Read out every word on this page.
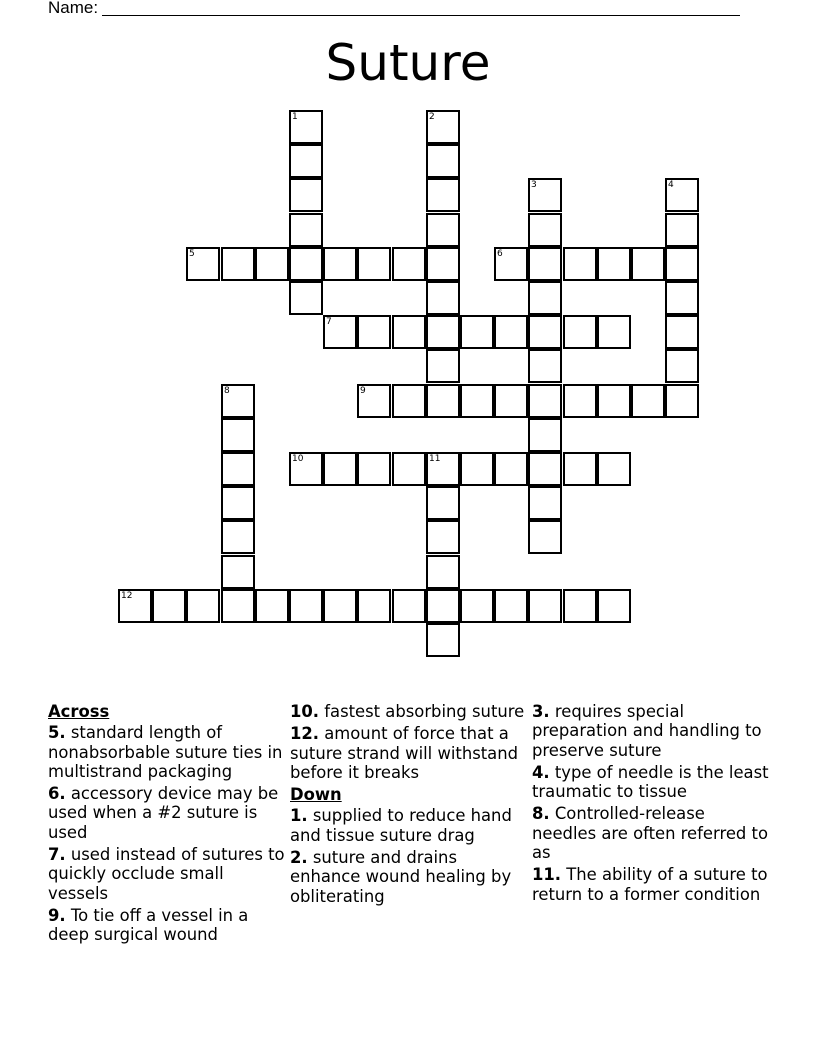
Name:
Suture
5	6
7
9
10	11
12
1	2
3	4
8
Across
5. standard length of nonabsorbable suture ties in multistrand packaging
6. accessory device may be used when a #2 suture is used
7. used instead of sutures to quickly occlude small vessels
9. To tie off a vessel in a deep surgical wound
10. fastest absorbing suture
12. amount of force that a suture strand will withstand before it breaks
Down
1. supplied to reduce hand and tissue suture drag
2. suture and drains enhance wound healing by obliterating
3. requires special preparation and handling to preserve suture
4. type of needle is the least traumatic to tissue
8. Controlled-release needles are often referred to as
11. The ability of a suture to return to a former condition
